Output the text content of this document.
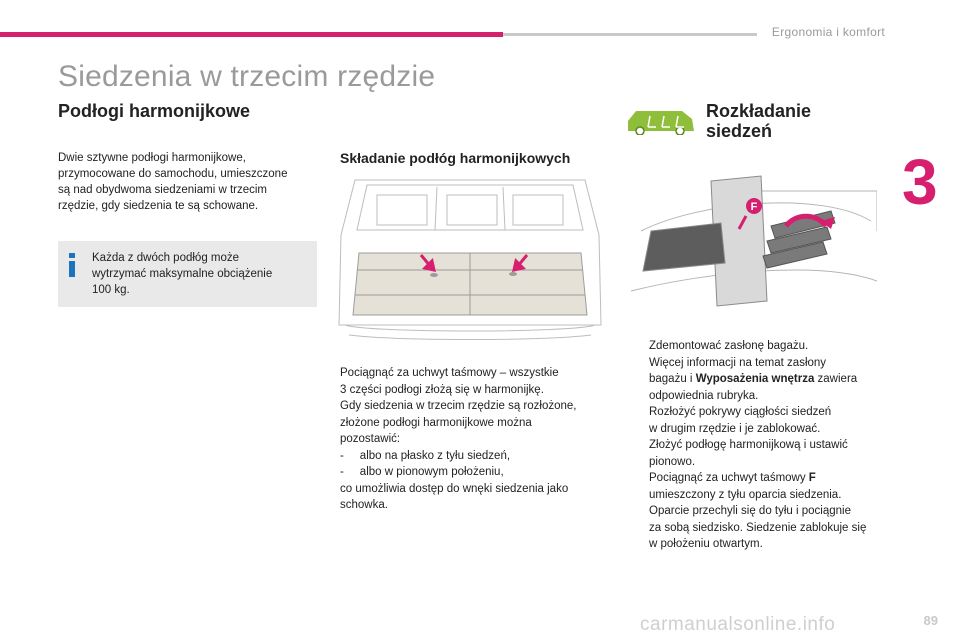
Ergonomia i komfort
3
Siedzenia w trzecim rzędzie
Podłogi harmonijkowe
Dwie sztywne podłogi harmonijkowe,
przymocowane do samochodu, umieszczone
są nad obydwoma siedzeniami w trzecim
rzędzie, gdy siedzenia te są schowane.
Każda z dwóch podłóg może
wytrzymać maksymalne obciążenie
100 kg.
Składanie podłóg harmonijkowych
Pociągnąć za uchwyt taśmowy – wszystkie
3 części podłogi złożą się w harmonijkę.
Gdy siedzenia w trzecim rzędzie są rozłożone,
złożone podłogi harmonijkowe można
pozostawić:
-     albo na płasko z tyłu siedzeń,
-     albo w pionowym położeniu,
co umożliwia dostęp do wnęki siedzenia jako
schowka.
Rozkładanie
siedzeń
F
Zdemontować zasłonę bagażu.
Więcej informacji na temat zasłony
bagażu i Wyposażenia wnętrza zawiera
odpowiednia rubryka.
Rozłożyć pokrywy ciągłości siedzeń
w drugim rzędzie i je zablokować.
Złożyć podłogę harmonijkową i ustawić
pionowo.
Pociągnąć za uchwyt taśmowy F
umieszczony z tyłu oparcia siedzenia.
Oparcie przechyli się do tyłu i pociągnie
za sobą siedzisko. Siedzenie zablokuje się
w położeniu otwartym.
carmanualsonline.info	89
